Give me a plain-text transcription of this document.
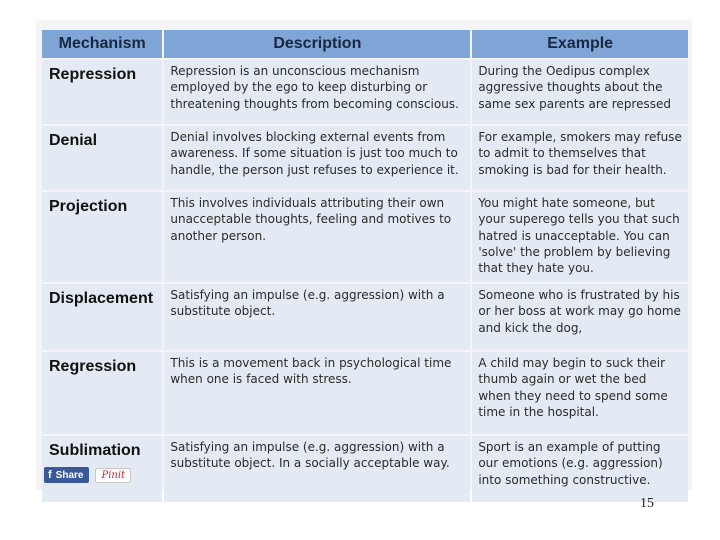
Mechanism	Description	Example
Repression	Repression is an unconscious mechanism employed by the ego to keep disturbing or threatening thoughts from becoming conscious.	During the Oedipus complex aggressive thoughts about the same sex parents are repressed
Denial	Denial involves blocking external events from awareness. If some situation is just too much to handle, the person just refuses to experience it.	For example, smokers may refuse to admit to themselves that smoking is bad for their health.
Projection	This involves individuals attributing their own unacceptable thoughts, feeling and motives to another person.	You might hate someone, but your superego tells you that such hatred is unacceptable. You can 'solve' the problem by believing that they hate you.
Displacement	Satisfying an impulse (e.g. aggression) with a substitute object.	Someone who is frustrated by his or her boss at work may go home and kick the dog,
Regression	This is a movement back in psychological time when one is faced with stress.	A child may begin to suck their thumb again or wet the bed when they need to spend some time in the hospital.
Sublimation	Satisfying an impulse (e.g. aggression) with a substitute object. In a socially acceptable way.	Sport is an example of putting our emotions (e.g. aggression) into something constructive.
f Share	Pinit
15
